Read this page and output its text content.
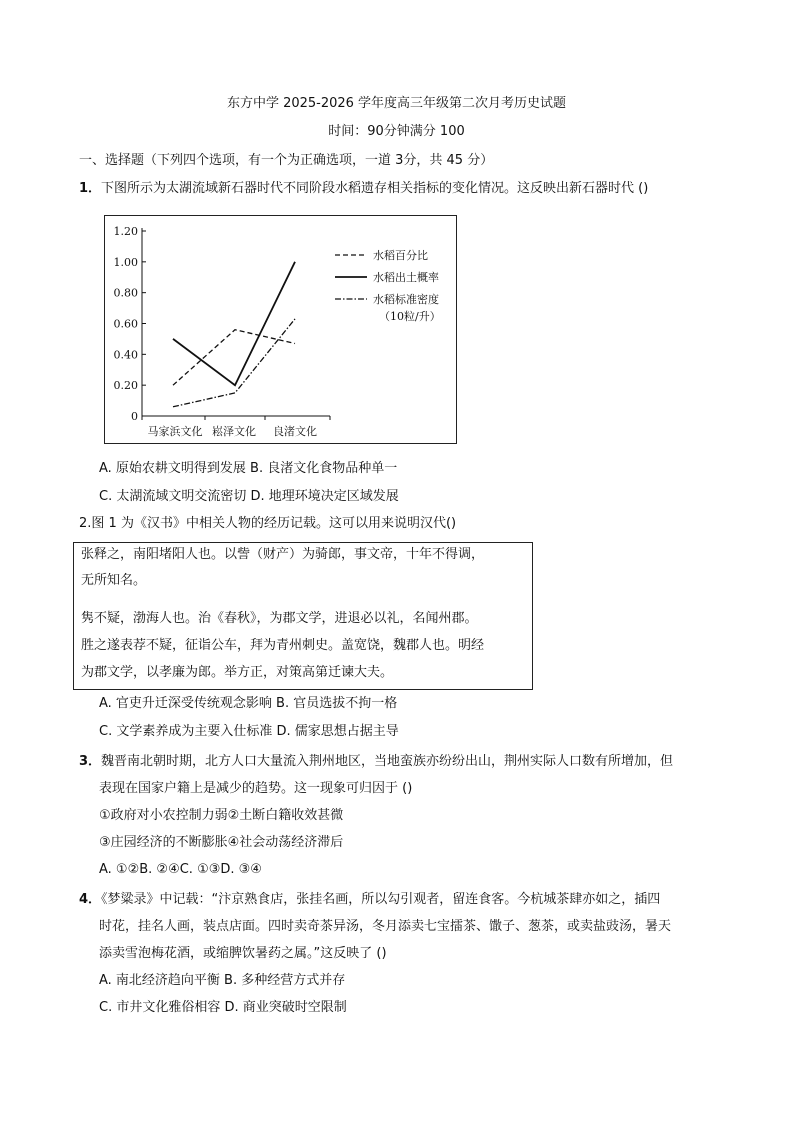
东方中学 2025-2026 学年度高三年级第二次月考历史试题
时间：90分钟满分 100
一、选择题（下列四个选项，有一个为正确选项，一道 3分，共 45 分）
1．下图所示为太湖流域新石器时代不同阶段水稻遗存相关指标的变化情况。这反映出新石器时代 ()
1.20
1.00
0.80
0.60
0.40
0.20
0
马家浜文化 崧泽文化 良渚文化
水稻百分比
水稻出土概率
水稻标准密度
（10粒/升）
A. 原始农耕文明得到发展 B. 良渚文化食物品种单一
C. 太湖流域文明交流密切 D. 地理环境决定区域发展
2.图 1 为《汉书》中相关人物的经历记载。这可以用来说明汉代()
张释之，南阳堵阳人也。以訾（财产）为骑郎，事文帝，十年不得调，
无所知名。
隽不疑，渤海人也。治《春秋》，为郡文学，进退必以礼，名闻州郡。
胜之遂表荐不疑，征诣公车，拜为青州刺史。盖宽饶，魏郡人也。明经
为郡文学，以孝廉为郎。举方正，对策高第迁谏大夫。
A. 官吏升迁深受传统观念影响 B. 官员选拔不拘一格
C. 文学素养成为主要入仕标准 D. 儒家思想占据主导
3．魏晋南北朝时期，北方人口大量流入荆州地区，当地蛮族亦纷纷出山，荆州实际人口数有所增加，但
表现在国家户籍上是减少的趋势。这一现象可归因于 ()
①政府对小农控制力弱②土断白籍收效甚微
③庄园经济的不断膨胀④社会动荡经济滞后
A. ①②B. ②④C. ①③D. ③④
4．《梦粱录》中记载：“汴京熟食店，张挂名画，所以勾引观者，留连食客。今杭城茶肆亦如之，插四
时花，挂名人画，装点店面。四时卖奇茶异汤，冬月添卖七宝擂茶、馓子、葱茶，或卖盐豉汤，暑天
添卖雪泡梅花酒，或缩脾饮暑药之属。”这反映了 ()
A. 南北经济趋向平衡 B. 多种经营方式并存
C. 市井文化雅俗相容 D. 商业突破时空限制
